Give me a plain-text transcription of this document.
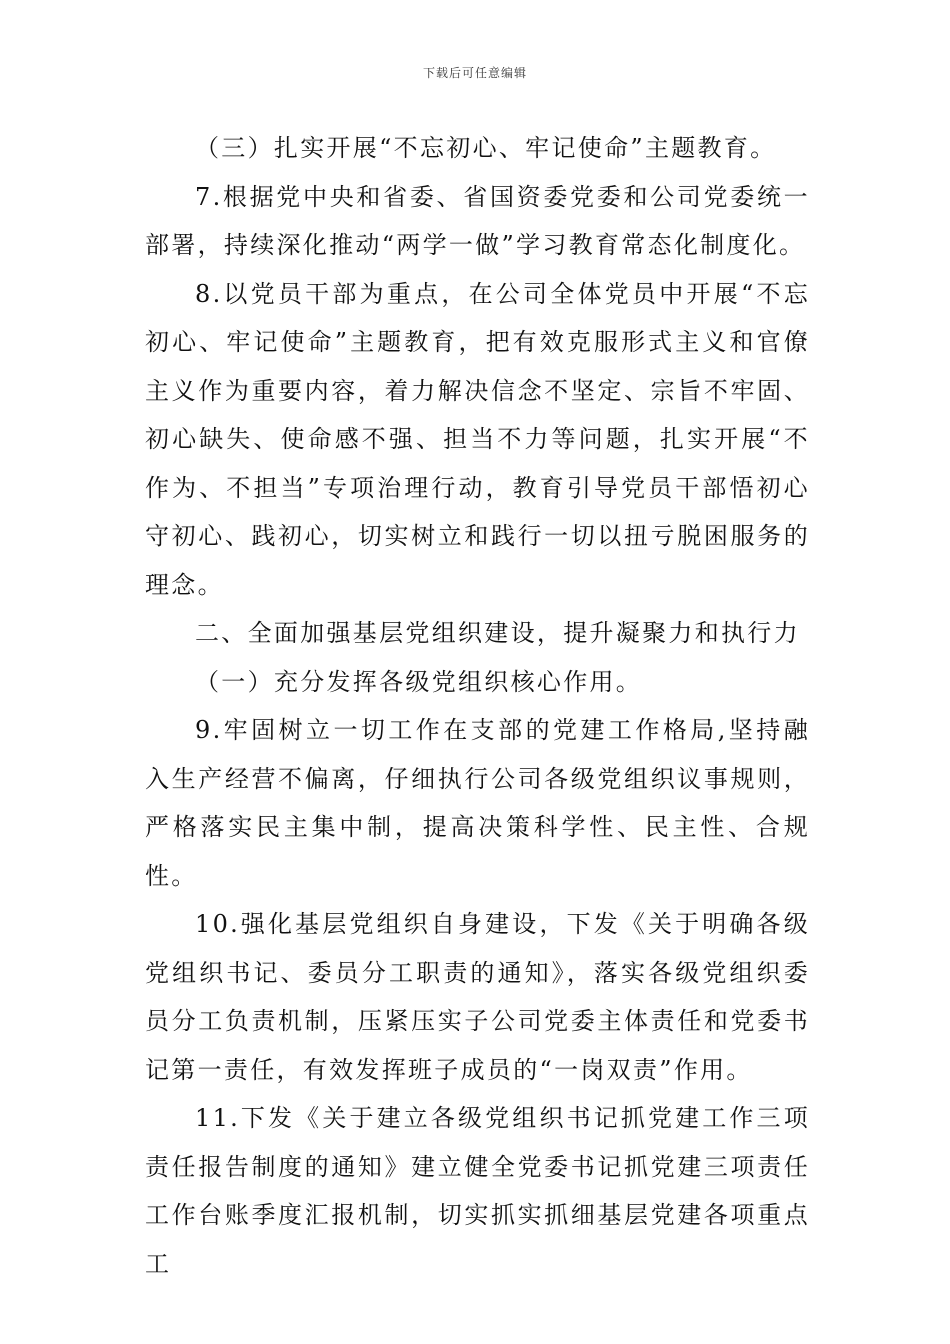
下载后可任意编辑

（三）扎实开展“不忘初心、牢记使命”主题教育。

7.根据党中央和省委、省国资委党委和公司党委统一部署，持续深化推动“两学一做”学习教育常态化制度化。

8.以党员干部为重点，在公司全体党员中开展“不忘初心、牢记使命”主题教育，把有效克服形式主义和官僚主义作为重要内容，着力解决信念不坚定、宗旨不牢固、初心缺失、使命感不强、担当不力等问题，扎实开展“不作为、不担当”专项治理行动，教育引导党员干部悟初心守初心、践初心，切实树立和践行一切以扭亏脱困服务的理念。

二、全面加强基层党组织建设，提升凝聚力和执行力

（一）充分发挥各级党组织核心作用。

9.牢固树立一切工作在支部的党建工作格局,坚持融入生产经营不偏离，仔细执行公司各级党组织议事规则，严格落实民主集中制，提高决策科学性、民主性、合规性。

10.强化基层党组织自身建设，下发《关于明确各级党组织书记、委员分工职责的通知》，落实各级党组织委员分工负责机制，压紧压实子公司党委主体责任和党委书记第一责任，有效发挥班子成员的“一岗双责”作用。

11.下发《关于建立各级党组织书记抓党建工作三项责任报告制度的通知》建立健全党委书记抓党建三项责任工作台账季度汇报机制，切实抓实抓细基层党建各项重点工
